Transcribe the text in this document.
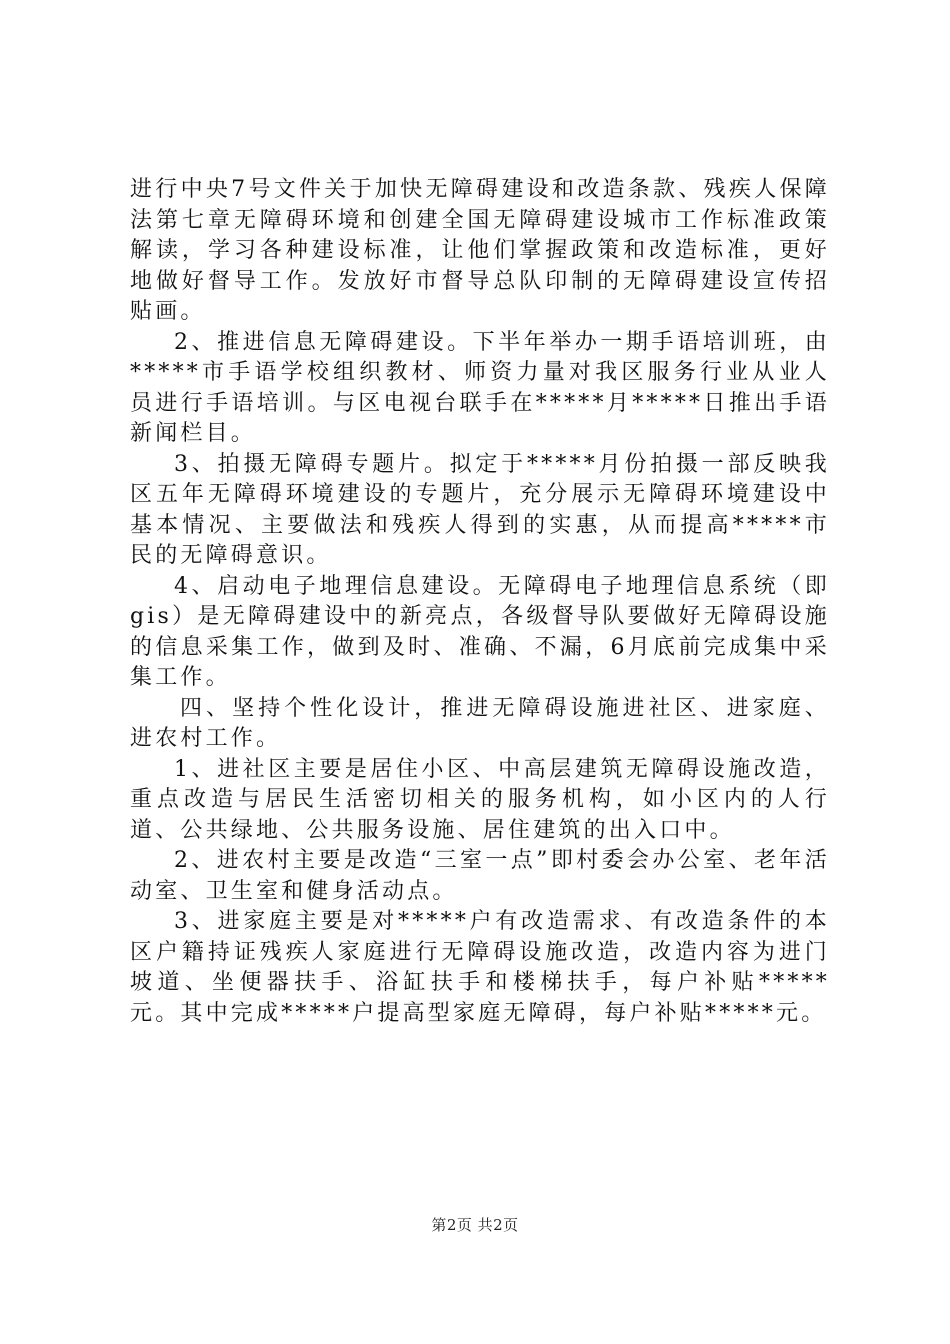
进行中央7号文件关于加快无障碍建设和改造条款、残疾人保障法第七章无障碍环境和创建全国无障碍建设城市工作标准政策解读，学习各种建设标准，让他们掌握政策和改造标准，更好地做好督导工作。发放好市督导总队印制的无障碍建设宣传招贴画。

2、推进信息无障碍建设。下半年举办一期手语培训班，由*****市手语学校组织教材、师资力量对我区服务行业从业人员进行手语培训。与区电视台联手在*****月*****日推出手语新闻栏目。

3、拍摄无障碍专题片。拟定于*****月份拍摄一部反映我区五年无障碍环境建设的专题片，充分展示无障碍环境建设中基本情况、主要做法和残疾人得到的实惠，从而提高*****市民的无障碍意识。

4、启动电子地理信息建设。无障碍电子地理信息系统（即gis）是无障碍建设中的新亮点，各级督导队要做好无障碍设施的信息采集工作，做到及时、准确、不漏，6月底前完成集中采集工作。

四、坚持个性化设计，推进无障碍设施进社区、进家庭、进农村工作。

1、进社区主要是居住小区、中高层建筑无障碍设施改造，重点改造与居民生活密切相关的服务机构，如小区内的人行道、公共绿地、公共服务设施、居住建筑的出入口中。

2、进农村主要是改造“三室一点”即村委会办公室、老年活动室、卫生室和健身活动点。

3、进家庭主要是对*****户有改造需求、有改造条件的本区户籍持证残疾人家庭进行无障碍设施改造，改造内容为进门坡道、坐便器扶手、浴缸扶手和楼梯扶手，每户补贴*****元。其中完成*****户提高型家庭无障碍，每户补贴*****元。

第2页 共2页
